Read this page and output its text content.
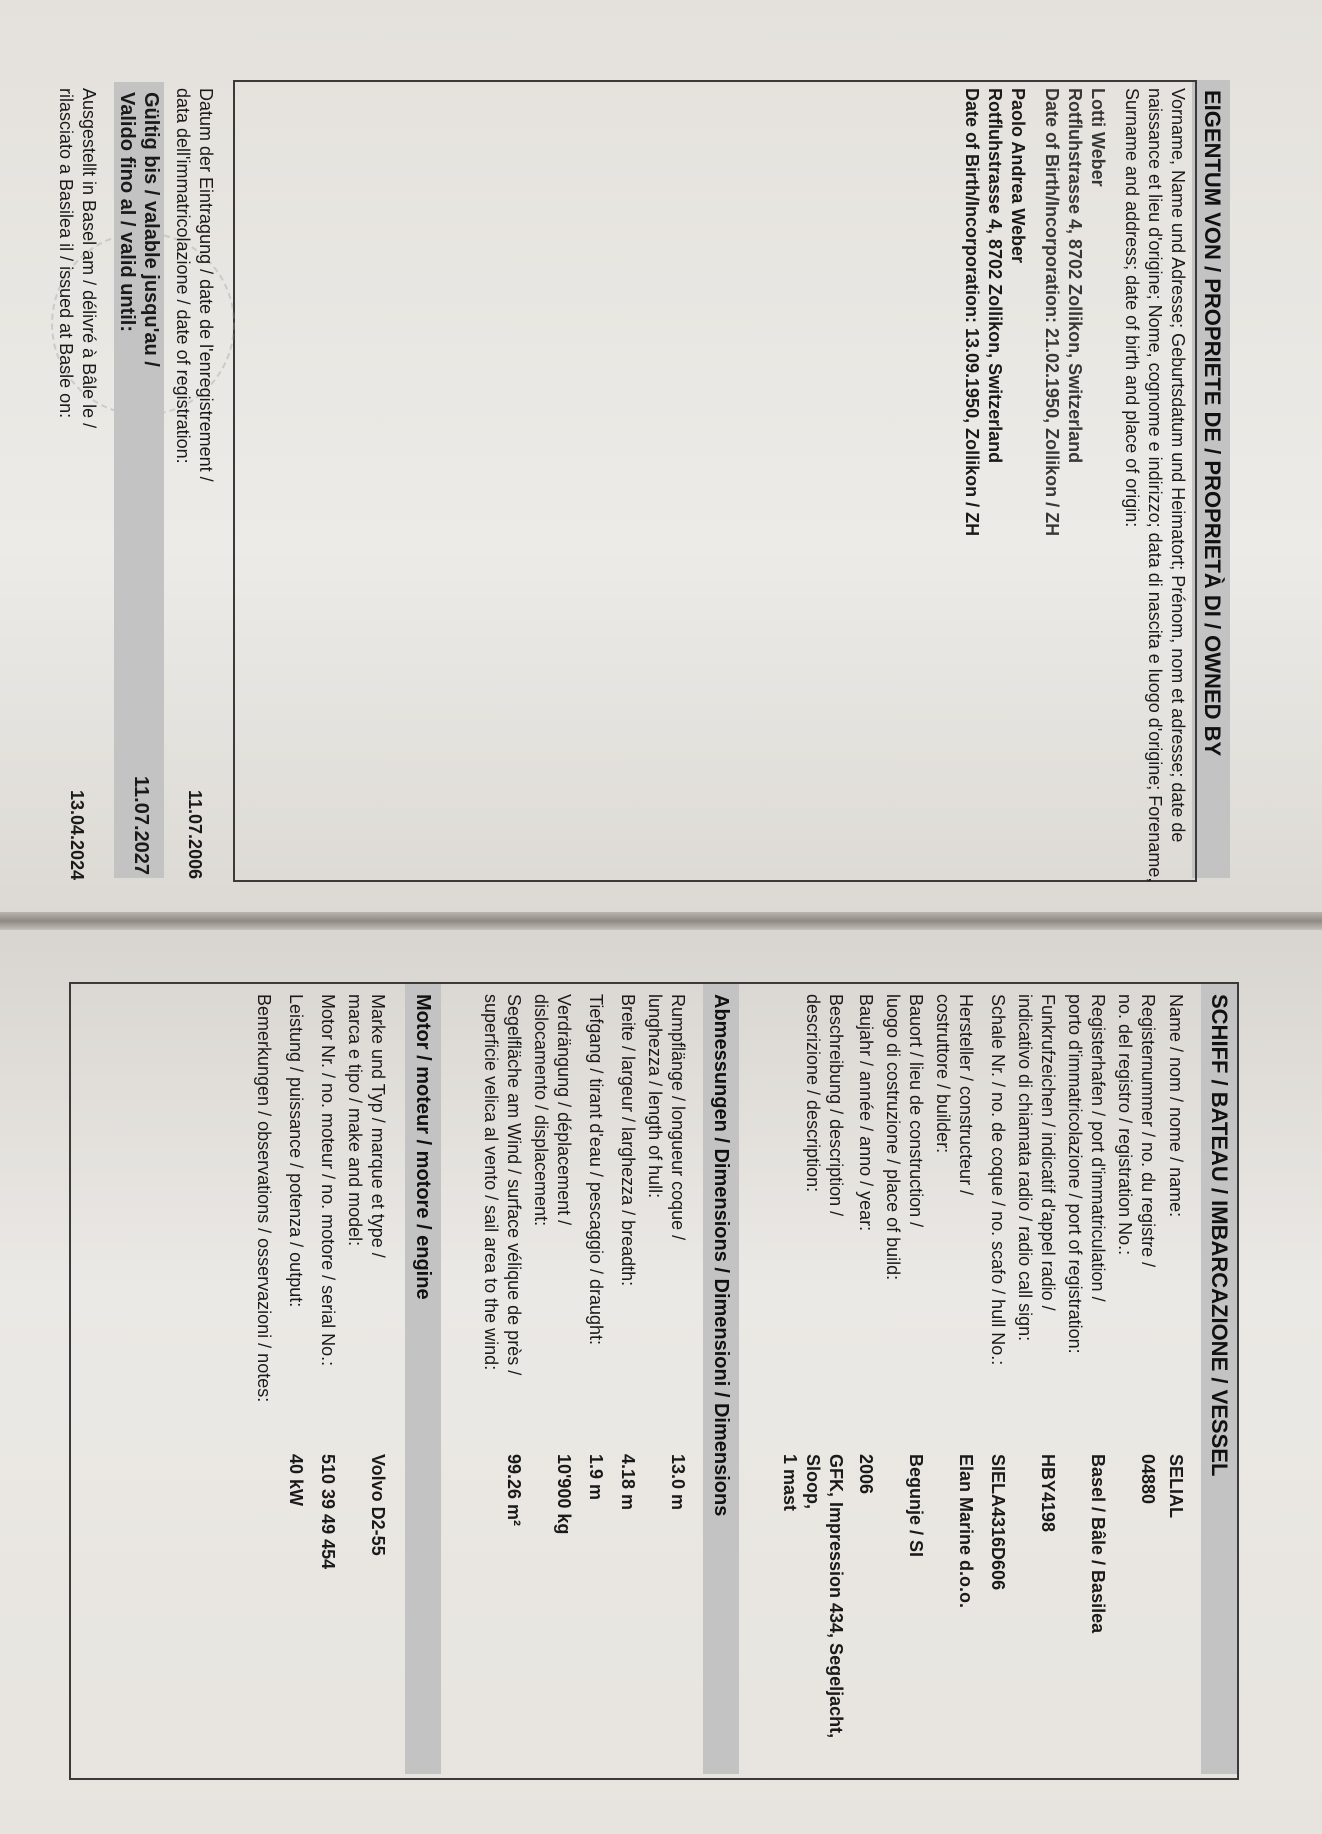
SCHIFF / BATEAU / IMBARCAZIONE / VESSEL
Name / nom / nome / name:
SELIAL
Registernummer / no. du registre /
no. del registro / registration No.:
04880
Registerhafen / port d'immatriculation /
porto d'immatricolazione / port of registration:
Basel / Bâle / Basilea
Funkrufzeichen / indicatif d'appel radio /
indicativo di chiamata radio / radio call sign:
HBY4198
Schale Nr. / no. de coque / no. scafo / hull No.:
SIELA4316D606
Hersteller / constructeur /
costruttore / builder:
Elan Marine d.o.o.
Bauort / lieu de construction /
luogo di costruzione / place of build:
Begunje / SI
Baujahr / année / anno / year:
2006
Beschreibung / description /
descrizione / description:
GFK, Impression 434, Segeljacht, Sloop,
1 mast
Abmessungen / Dimensions / Dimensioni / Dimensions
Rumpflänge / longueur coque /
lunghezza / length of hull:
13.0 m
Breite / largeur / larghezza / breadth:
4.18 m
Tiefgang / tirant d'eau / pescaggio / draught:
1.9 m
Verdrängung / déplacement /
dislocamento / displacement:
10'900 kg
Segelfläche am Wind / surface vélique de près /
superficie velica al vento / sail area to the wind:
99.26 m²
Motor / moteur / motore / engine
Marke und Typ / marque et type /
marca e tipo / make and model:
Volvo D2-55
Motor Nr. / no. moteur / no. motore / serial No.:
510 39 49 454
Leistung / puissance / potenza / output:
40 kW
Bemerkungen / observations / osservazioni / notes:
EIGENTUM VON / PROPRIETE DE / PROPRIETÀ DI / OWNED BY
Vorname, Name und Adresse; Geburtsdatum und Heimatort; Prénom, nom et adresse; date de
naissance et lieu d'origine; Nome, cognome e indirizzo; data di nascita e luogo d'origine; Forename,
Surname and address; date of birth and place of origin:
Lotti Weber
Rotfluhstrasse 4, 8702 Zollikon, Switzerland
Date of Birth/Incorporation: 21.02.1950, Zollikon / ZH
Paolo Andrea Weber
Rotfluhstrasse 4, 8702 Zollikon, Switzerland
Date of Birth/Incorporation: 13.09.1950, Zollikon / ZH
Datum der Eintragung / date de l'enregistrement /
data dell'immatricolazione / date of registration:
11.07.2006
Gültig bis / valable jusqu'au /
Valido fino al / valid until:
11.07.2027
Ausgestellt in Basel am / délivré à Bâle le /
rilasciato a Basilea il / issued at Basle on:
13.04.2024
